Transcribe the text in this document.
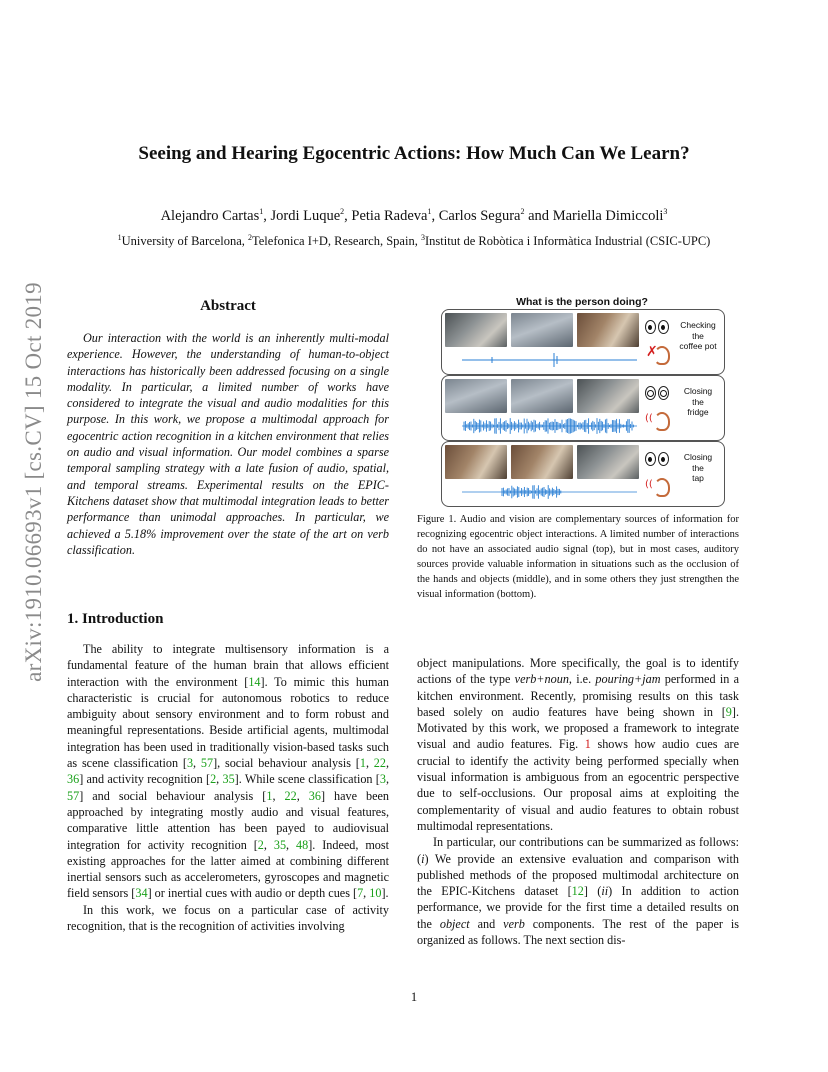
arXiv:1910.06693v1 [cs.CV] 15 Oct 2019
Seeing and Hearing Egocentric Actions: How Much Can We Learn?
Alejandro Cartas$^1$, Jordi Luque$^2$, Petia Radeva$^1$, Carlos Segura$^2$ and Mariella Dimiccoli$^3$
$^1$University of Barcelona, $^2$Telefonica I+D, Research, Spain, $^3$Institut de Robòtica i Informàtica Industrial (CSIC-UPC)
Abstract
Our interaction with the world is an inherently multi-modal experience. However, the understanding of human-to-object interactions has historically been addressed focusing on a single modality. In particular, a limited number of works have considered to integrate the visual and audio modalities for this purpose. In this work, we propose a multimodal approach for egocentric action recognition in a kitchen environment that relies on audio and visual information. Our model combines a sparse temporal sampling strategy with a late fusion of audio, spatial, and temporal streams. Experimental results on the EPIC-Kitchens dataset show that multimodal integration leads to better performance than unimodal approaches. In particular, we achieved a 5.18% improvement over the state of the art on verb classification.
1. Introduction

The ability to integrate multisensory information is a fundamental feature of the human brain that allows efficient interaction with the environment [14]. To mimic this human characteristic is crucial for autonomous robotics to reduce ambiguity about sensory environment and to form robust and meaningful representations. Beside artificial agents, multimodal integration has been used in traditionally vision-based tasks such as scene classification [3, 57], social behaviour analysis [1, 22, 36] and activity recognition [2, 35]. While scene classification [3, 57] and social behaviour analysis [1, 22, 36] have been approached by integrating mostly audio and visual features, comparative little attention has been payed to audiovisual integration for activity recognition [2, 35, 48]. Indeed, most existing approaches for the latter aimed at combining different inertial sensors such as accelerometers, gyroscopes and magnetic field sensors [34] or inertial cues with audio or depth cues [7, 10].

In this work, we focus on a particular case of activity recognition, that is the recognition of activities involving

What is the person doing?
✗
Checking
the
coffee pot
((
Closing
the
fridge
((
Closing
the
tap
Figure 1. Audio and vision are complementary sources of information for recognizing egocentric object interactions. A limited number of interactions do not have an associated audio signal (top), but in most cases, auditory sources provide valuable information in situations such as the occlusion of the hands and objects (middle), and in some others they just strengthen the visual information (bottom).

object manipulations. More specifically, the goal is to identify actions of the type verb+noun, i.e. pouring+jam performed in a kitchen environment. Recently, promising results on this task based solely on audio features have being shown in [9]. Motivated by this work, we proposed a framework to integrate visual and audio features. Fig. 1 shows how audio cues are crucial to identify the activity being performed specially when visual information is ambiguous from an egocentric perspective due to self-occlusions. Our proposal aims at exploiting the complementarity of visual and audio features to obtain robust multimodal representations.

In particular, our contributions can be summarized as follows: (i) We provide an extensive evaluation and comparison with published methods of the proposed multimodal architecture on the EPIC-Kitchens dataset [12] (ii) In addition to action performance, we provide for the first time a detailed results on the object and verb components. The rest of the paper is organized as follows. The next section dis-

1
